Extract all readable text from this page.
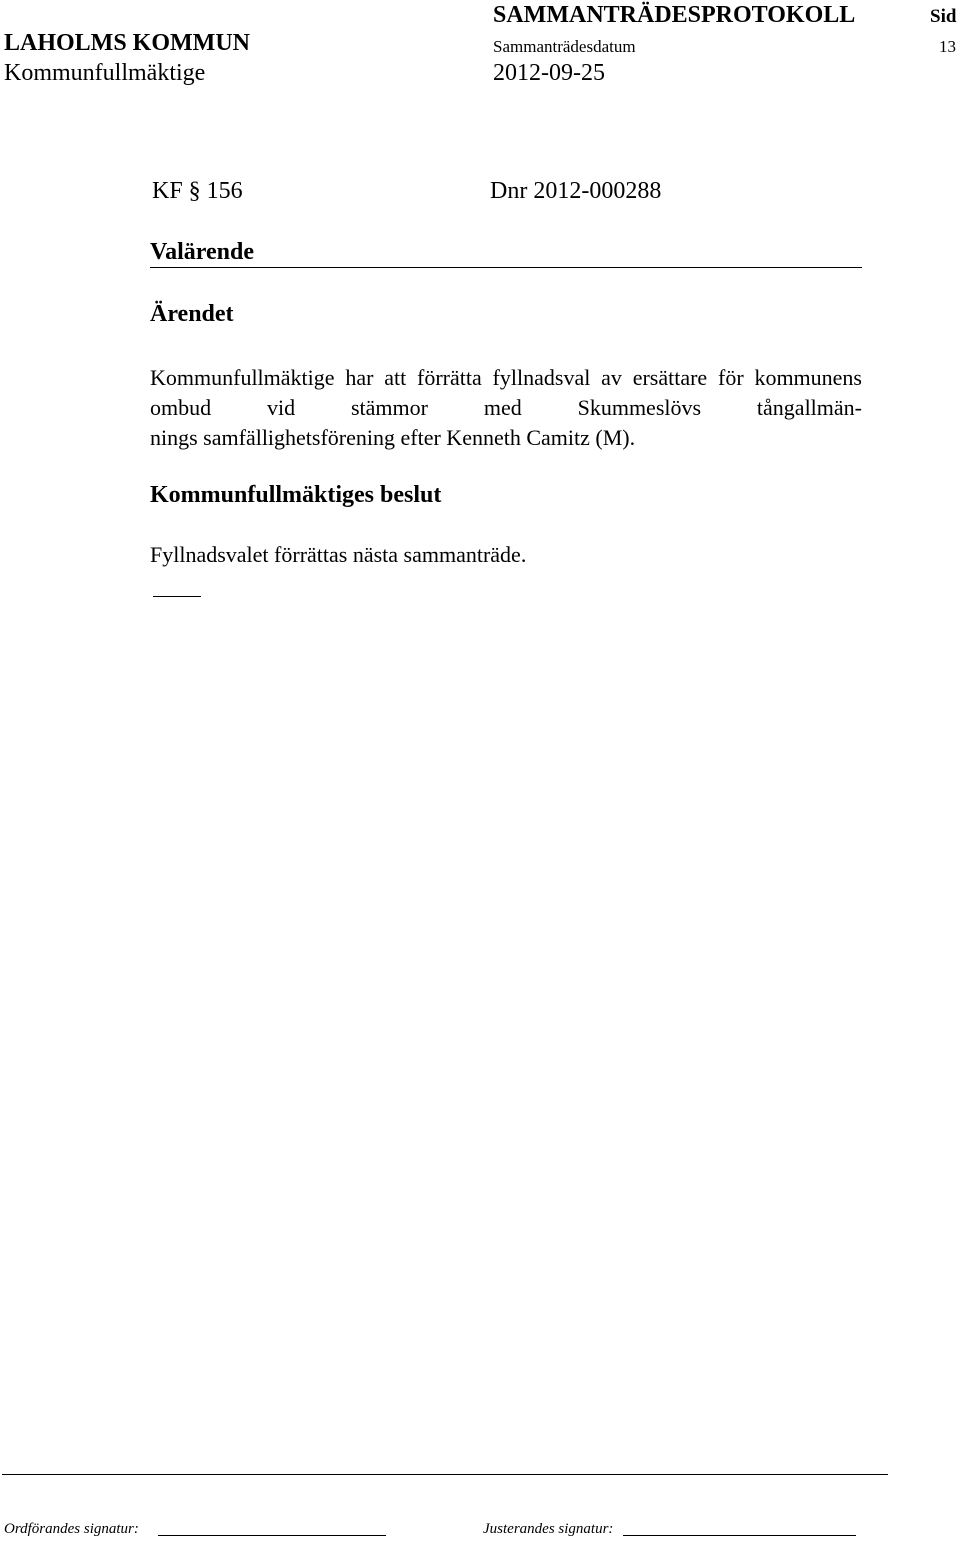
SAMMANTRÄDESPROTOKOLL	Sid
LAHOLMS KOMMUN	Sammanträdesdatum	13
Kommunfullmäktige	2012-09-25
KF § 156	Dnr 2012-000288
Valärende
Ärendet
Kommunfullmäktige har att förrätta fyllnadsval av ersättare för kommunens ombud vid stämmor med Skummeslövs tångallmän-
nings samfällighetsförening efter Kenneth Camitz (M).
Kommunfullmäktiges beslut
Fyllnadsvalet förrättas nästa sammanträde.
Ordförandes signatur:	Justerandes signatur:
